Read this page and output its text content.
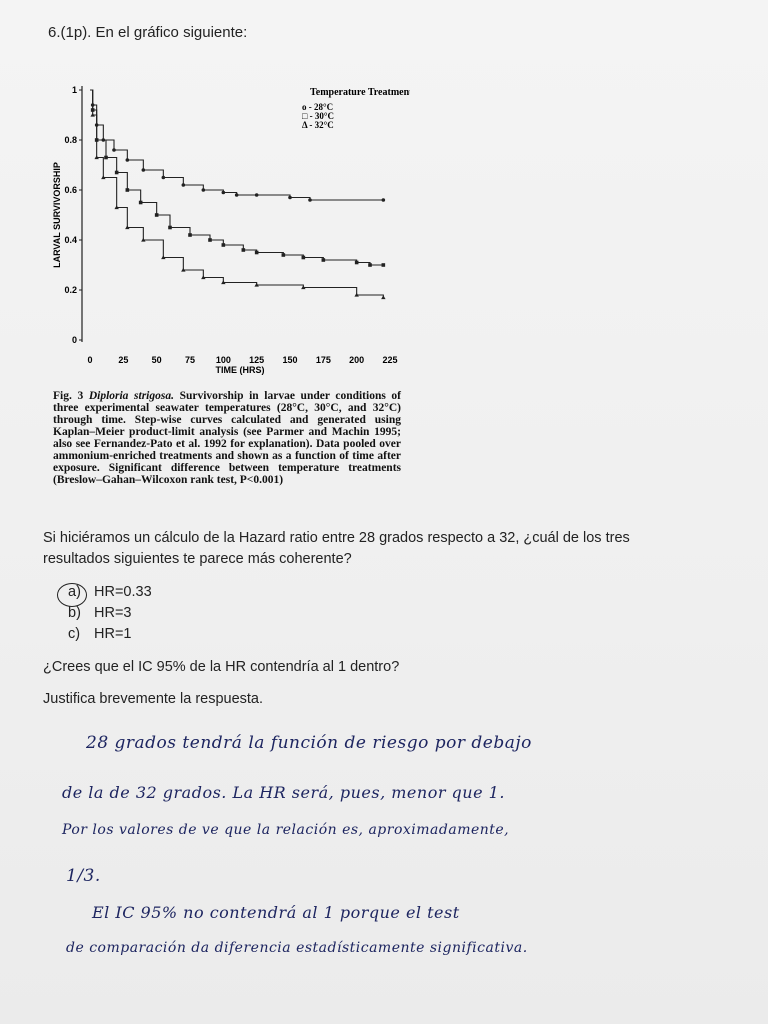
6.(1p). En el gráfico siguiente:
0
0.2
0.4
0.6
0.8
1
0	25	50	75 100 125 150 175 200 225
TIME (HRS)
LARVAL SURVIVORSHIP
Temperature Treatments
o - 28°C
□ - 30°C
Δ - 32°C
Fig. 3 Diploria strigosa. Survivorship in larvae under conditions of three experimental seawater temperatures (28°C, 30°C, and 32°C) through time. Step-wise curves calculated and generated using Kaplan–Meier product-limit analysis (see Parmer and Machin 1995; also see Fernandez-Pato et al. 1992 for explanation). Data pooled over ammonium-enriched treatments and shown as a function of time after exposure. Significant difference between temperature treatments (Breslow–Gahan–Wilcoxon rank test, P<0.001)
Si hiciéramos un cálculo de la Hazard ratio entre 28 grados respecto a 32, ¿cuál de los tres resultados siguientes te parece más coherente?
a) HR=0.33
b) HR=3
c) HR=1
¿Crees que el IC 95% de la HR contendría al 1 dentro?
Justifica brevemente la respuesta.
28 grados tendrá la función de riesgo por debajo
de la de 32 grados. La HR será, pues, menor que 1.
Por los valores de ve que la relación es, aproximadamente,
1/3.
El IC 95% no contendrá al 1 porque el test
de comparación da diferencia estadísticamente significativa.
